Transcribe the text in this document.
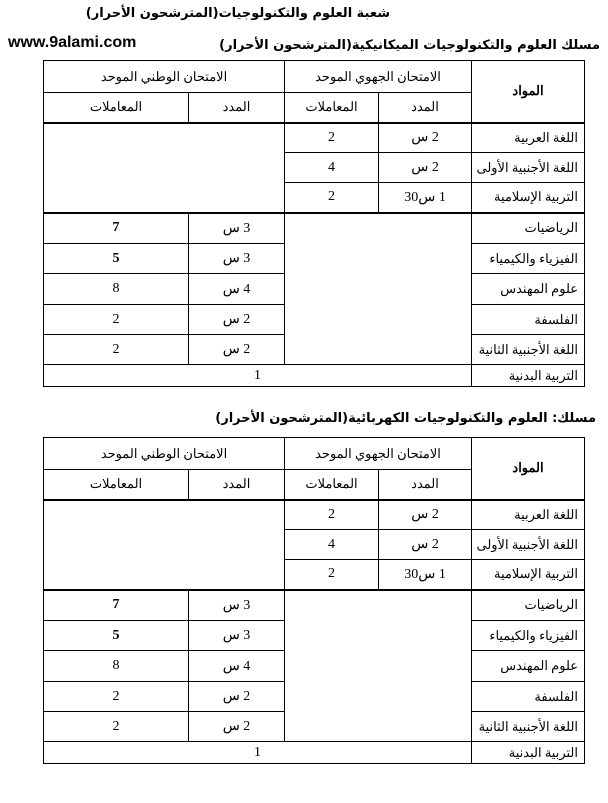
شعبة العلوم والتكنولوجيات(المترشحون الأحرار)
www.9alami.com	مسلك العلوم والتكنولوجيات الميكانيكية(المترشحون الأحرار)
مسلك: العلوم والتكنولوجيات الكهربائية(المترشحون الأحرار)
المواد	الامتحان الجهوي الموحد		الامتحان الوطني الموحد	
	المدد	المعاملات	المدد	المعاملات
اللغة العربية	2 س	2		
اللغة الأجنبية الأولى	2 س	4		
التربية الإسلامية	1 س30	2		
الرياضيات			3 س	7
الفيزياء والكيمياء			3 س	5
علوم المهندس			4 س	8
الفلسفة			2 س	2
اللغة الأجنبية الثانية			2 س	2
التربية البدنية	1			
المواد	الامتحان الجهوي الموحد		الامتحان الوطني الموحد	
	المدد	المعاملات	المدد	المعاملات
اللغة العربية	2 س	2		
اللغة الأجنبية الأولى	2 س	4		
التربية الإسلامية	1 س30	2		
الرياضيات			3 س	7
الفيزياء والكيمياء			3 س	5
علوم المهندس			4 س	8
الفلسفة			2 س	2
اللغة الأجنبية الثانية			2 س	2
التربية البدنية	1			
